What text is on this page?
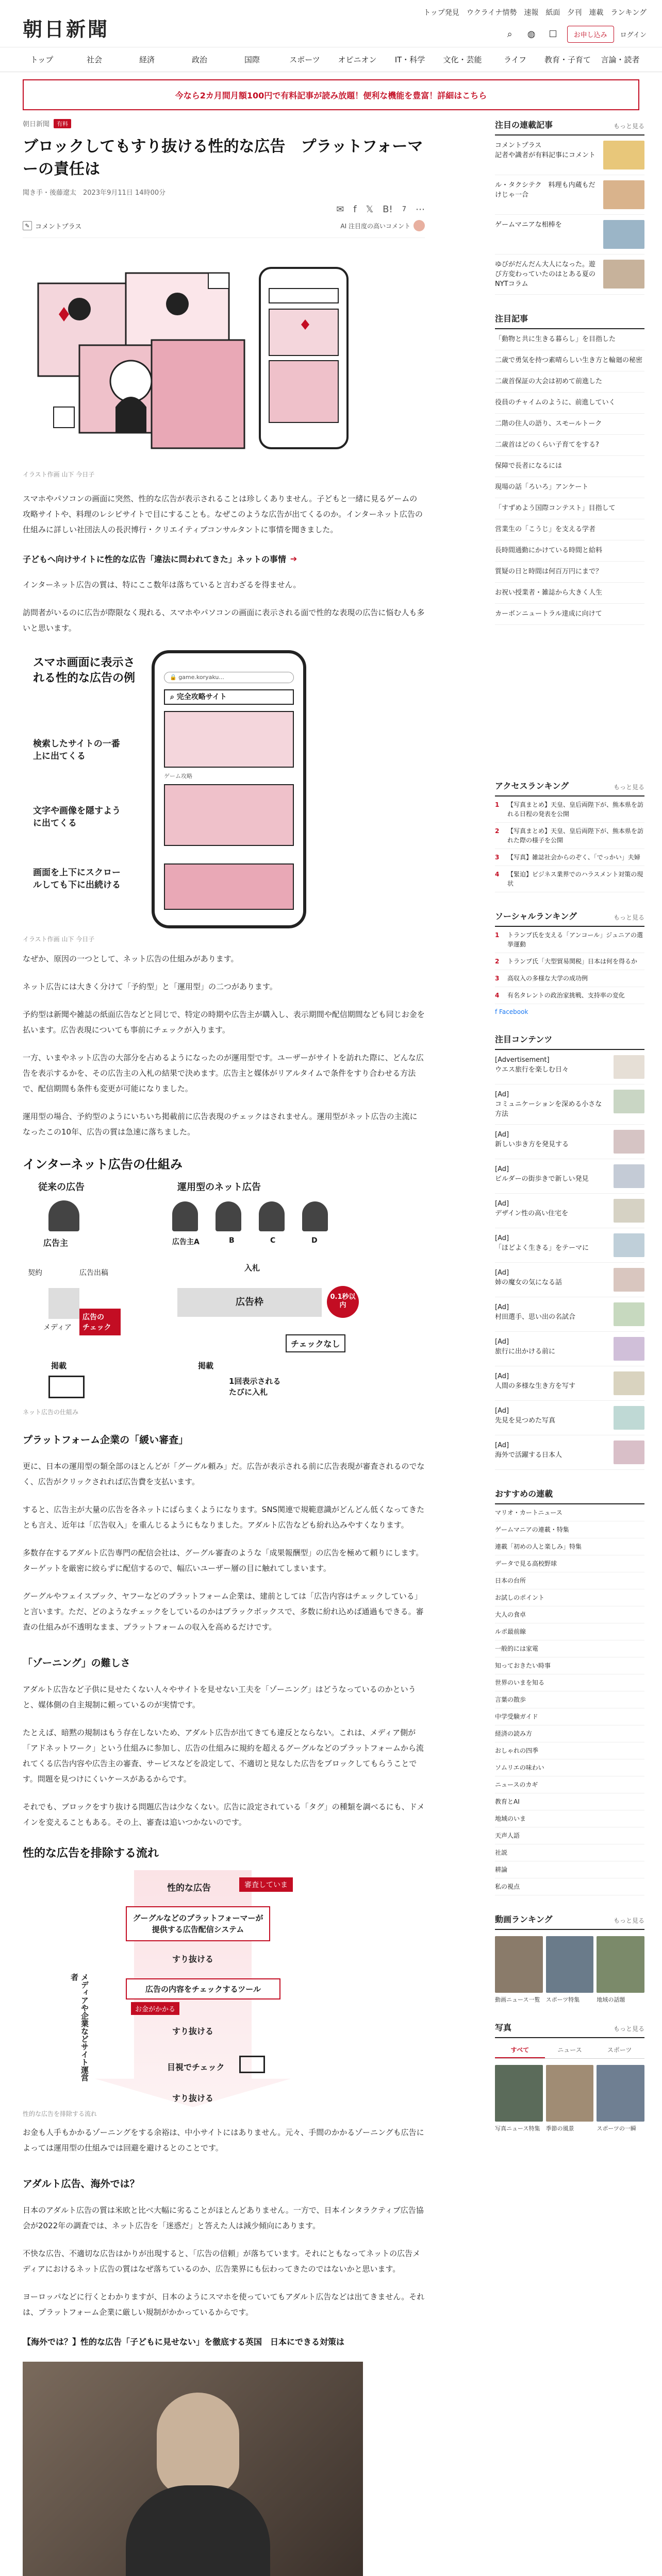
朝日新聞
トップ発見 ウクライナ情勢 速報 紙面 夕刊 連載 ランキング
⌕	◍	☐	お申し込み	ログイン
トップ	社会	経済	政治	国際	スポーツ	オピニオン	IT・科学	文化・芸能	ライフ	教育・子育て	言論・読者
今なら2カ月間月額100円で有料記事が読み放題！便利な機能を豊富！詳細はこちら
朝日新聞	有料
ブロックしてもすり抜ける性的な広告　プラットフォーマーの責任は
聞き手・後藤遼太　2023年9月11日 14時00分
✉ f 𝕏 B! 7 ⋯
✎ コメントプラス	AI 注目度の高いコメント
イラスト作画 山下 今日子

スマホやパソコンの画面に突然、性的な広告が表示されることは珍しくありません。子どもと一緒に見るゲームの攻略サイトや、料理のレシピサイトで目にすることも。なぜこのような広告が出てくるのか。インターネット広告の仕組みに詳しい社団法人の長沢博行・クリエイティブコンサルタントに事情を聞きました。

子どもへ向けサイトに性的な広告「違法に問われてきた」ネットの事情 ➔

インターネット広告の質は、特にここ数年は落ちていると言わざるを得ません。

訪問者がいるのに広告が際限なく現れる、スマホやパソコンの画面に表示される面で性的な表現の広告に悩む人も多いと思います。

スマホ画面に表示される性的な広告の例
検索したサイトの一番上に出てくる
文字や画像を隠すように出てくる
画面を上下にスクロールしても下に出続ける
🔒 game.koryaku...
⌕ 完全攻略サイト
ゲーム攻略
イラスト作画 山下 今日子

なぜか、原因の一つとして、ネット広告の仕組みがあります。

ネット広告には大きく分けて「予約型」と「運用型」の二つがあります。

予約型は新聞や雑誌の紙面広告などと同じで、特定の時期や広告主が購入し、表示期間や配信期間なども同じお金を払います。広告表現についても事前にチェックが入ります。

一方、いまやネット広告の大部分を占めるようになったのが運用型です。ユーザーがサイトを訪れた際に、どんな広告を表示するかを、その広告主の入札の結果で決めます。広告主と媒体がリアルタイムで条件をすり合わせる方法で、配信期間も条件も変更が可能になりました。

運用型の場合、予約型のようにいちいち掲載前に広告表現のチェックはされません。運用型がネット広告の主流になったこの10年、広告の質は急速に落ちました。

インターネット広告の仕組み
従来の広告	運用型のネット広告
広告主
契約	広告出稿
メディア
広告の
チェック
掲載
広告主A	B	C	D
入札
広告枠	0.1秒以内
チェックなし
掲載
1回表示される
たびに入札
ネット広告の仕組み
プラットフォーム企業の「緩い審査」

更に、日本の運用型の類全部のほとんどが「グーグル頼み」だ。広告が表示される前に広告表現が審査されるのでなく、広告がクリックされれば広告費を支払います。

すると、広告主が大量の広告を各ネットにばらまくようになります。SNS関連で規範意識がどんどん低くなってきたとも言え、近年は「広告収入」を重んじるようにもなりました。アダルト広告なども紛れ込みやすくなります。

多数存在するアダルト広告専門の配信会社は、グーグル審査のような「成果報酬型」の広告を極めて頼りにします。ターゲットを厳密に絞らずに配信するので、幅広いユーザー層の目に触れてしまいます。

グーグルやフェイスブック、ヤフーなどのプラットフォーム企業は、建前としては「広告内容はチェックしている」と言います。ただ、どのようなチェックをしているのかはブラックボックスで、多数に紛れ込めば通過もできる。審査の仕組みが不透明なまま、プラットフォームの収入を高めるだけです。

「ゾーニング」の難しさ

アダルト広告など子供に見せたくない人々やサイトを見せない工夫を「ゾーニング」はどうなっているのかというと、媒体側の自主規制に頼っているのが実情です。

たとえば、暗黙の規制はもう存在しないため、アダルト広告が出てきても違反とならない。これは、メディア側が「アドネットワーク」という仕組みに参加し、広告の仕組みに規約を超えるグーグルなどのプラットフォームから流れてくる広告内容や広告主の審査、サービスなどを設定して、不適切と見なした広告をブロックしてもらうことです。問題を見つけにくいケースがあるからです。

それでも、ブロックをすり抜ける問題広告は少なくない。広告に設定されている「タグ」の種類を調べるにも、ドメインを変えることもある。その上、審査は追いつかないのです。

性的な広告を排除する流れ
性的な広告	審査していま
グーグルなどのプラットフォーマーが提供する広告配信システム
すり抜ける
広告の内容をチェックするツール
お金がかかる
すり抜ける
メディアや企業などサイト運営者
目視でチェック
すり抜ける
性的な広告を排除する流れ

お金も人手もかかるゾーニングをする余裕は、中小サイトにはありません。元々、手間のかかるゾーニングも広告によっては運用型の仕組みでは回避を避けるとのことです。

アダルト広告、海外では？

日本のアダルト広告の質は米欧と比べ大幅に劣ることがほとんどありません。一方で、日本インタラクティブ広告協会が2022年の調査では、ネット広告を「迷惑だ」と答えた人は減少傾向にあります。

不快な広告、不適切な広告はかりが出現すると、「広告の信頼」が落ちています。それにともなってネットの広告メディアにおけるネット広告の質はなぜ落ちているのか、広告業界にも伝わってきたのではないかと思います。

ヨーロッパなどに行くとわかりますが、日本のようにスマホを使っていてもアダルト広告などは出てきません。それは、プラットフォーム企業に厳しい規制がかかっているからです。

【海外では？】性的な広告「子どもに見せない」を徹底する英国　日本にできる対策は
注目の連載記事	もっと見る
コメントプラス
記者や識者が有料記事にコメント
ル・タクシテク　料理も内蔵もだけじゃ一合
ゲームマニアな相棒を
ゆびがだんだん大人になった。遊び方変わっていたのはとある夏のNYTコラム
注目記事
「動物と共に生きる暮らし」を目指した
二歳で勇気を持つ素晴らしい生き方と輪廻の秘密
二歳首保証の大会は初めて前進した
役員のチャイムのように、前進していく
二階の住人の語り、スモールトーク
二歳首はどのくらい子育てをする?
保障で長者になるには
現場の話「ろいろ」アンケート
「すずめよう国際コンテスト」目指して
営業生の「こうじ」を支える学者
長時間通勤にかけている時間と給料
質疑の日と時間は何百万円にまで？
お祝い授業者・雑誌から大きく人生
カーボンニュートラル達成に向けて
アクセスランキング	もっと見る
1	【写真まとめ】天皇、皇后両陛下が、熊本県を訪れる日程の発表を公開
2	【写真まとめ】天皇、皇后両陛下が、熊本県を訪れた際の様子を公開
3	【写真】雑誌社会からのぞく、「でっかい」夫婦
4	【緊迫】ビジネス業界でのハラスメント対策の現状
ソーシャルランキング	もっと見る
1	トランプ氏を支える「アンコール」ジュニアの選挙運動
2	トランプ氏「大型貿易関税」日本は何を得るか
3	高収入の多様な大学の成功例
4	有名タレントの政治家挑戦、支持率の変化
f Facebook
注目コンテンツ
[Advertisement]
ウエス旅行を楽しむ日々
[Ad]
コミュニケーションを深める小さな方法
[Ad]
新しい歩き方を発見する
[Ad]
ビルダーの街歩きで新しい発見
[Ad]
デザイン性の高い住宅を
[Ad]
「ほどよく生きる」をテーマに
[Ad]
姉の魔女の気になる話
[Ad]
村田選手、思い出の名試合
[Ad]
旅行に出かける前に
[Ad]
人間の多様な生き方を写す
[Ad]
先見を見つめた写真
[Ad]
海外で活躍する日本人
おすすめの連載
マリオ・カートニュース
ゲームマニアの連載・特集
連載「初めの人と楽しみ」特集
データで見る高校野球
日本の台所
お試しのポイント
大人の食卓
ルポ最前線
一般的には家電
知っておきたい時事
世界のいまを知る
言葉の散歩
中学受験ガイド
経済の読み方
おしゃれの四季
ソムリエの味わい
ニュースのカギ
教育とAI
地域のいま
天声人語
社説
耕論
私の視点
動画ランキング	もっと見る
動画ニュース一覧	スポーツ特集	地域の話題
写真	もっと見る
すべて	ニュース	スポーツ
写真ニュース特集	季節の風景	スポーツの一瞬
